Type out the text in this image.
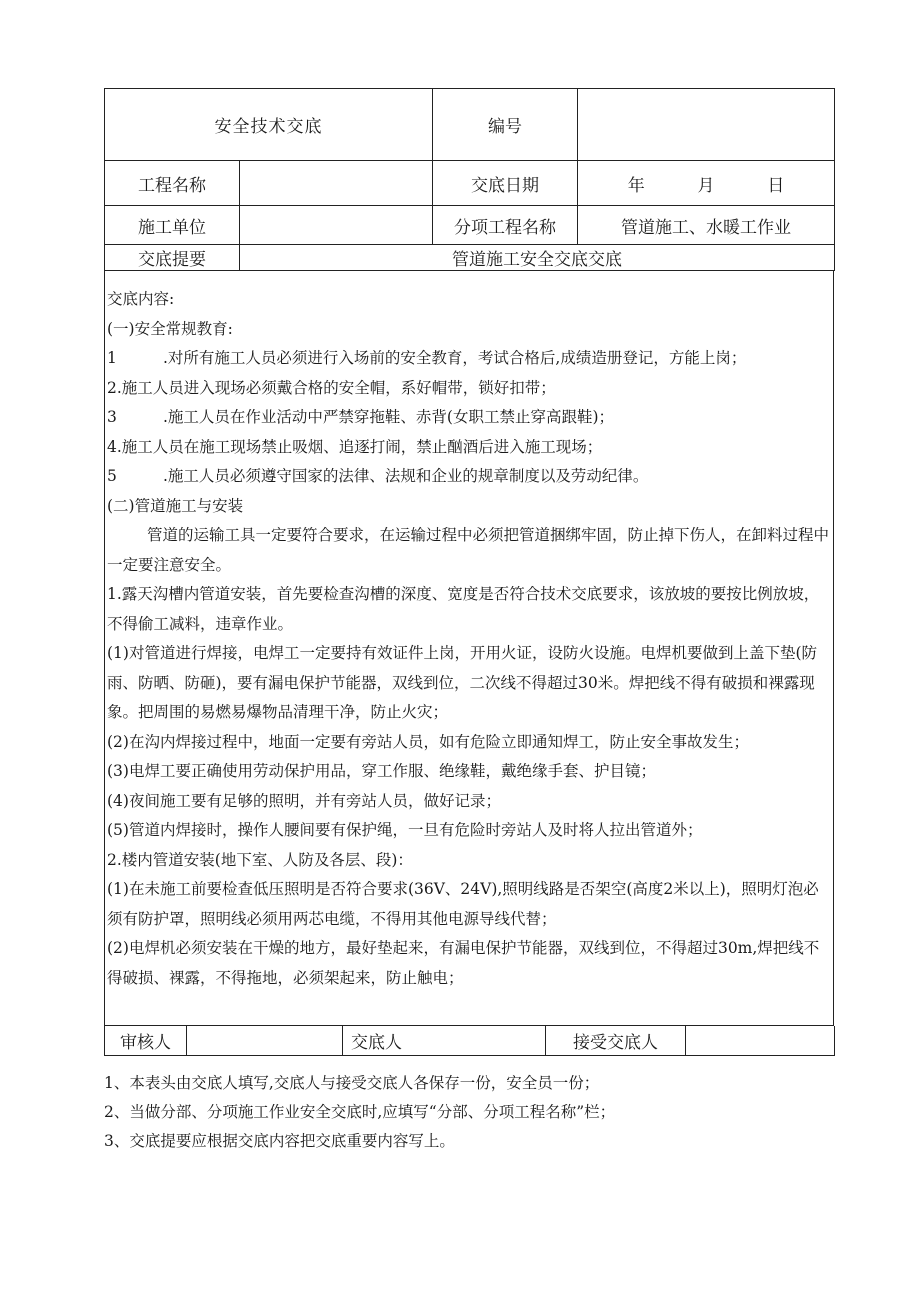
安全技术交底		编号	
工程名称		交底日期	年 月 日
施工单位		分项工程名称	管道施工、水暖工作业
交底提要	管道施工安全交底交底		
交底内容:
(一)安全常规教育:
1	.对所有施工人员必须进行入场前的安全教育，考试合格后,成绩造册登记，方能上岗；
2.施工人员进入现场必须戴合格的安全帽，系好帽带，锁好扣带；
3	.施工人员在作业活动中严禁穿拖鞋、赤背(女职工禁止穿高跟鞋)；
4.施工人员在施工现场禁止吸烟、追逐打闹，禁止酗酒后进入施工现场；
5	.施工人员必须遵守国家的法律、法规和企业的规章制度以及劳动纪律。
(二)管道施工与安装
管道的运输工具一定要符合要求，在运输过程中必须把管道捆绑牢固，防止掉下伤人，在卸料过程中一定要注意安全。
1.露天沟槽内管道安装，首先要检查沟槽的深度、宽度是否符合技术交底要求，该放坡的要按比例放坡，不得偷工减料，违章作业。
(1)对管道进行焊接，电焊工一定要持有效证件上岗，开用火证，设防火设施。电焊机要做到上盖下垫(防雨、防晒、防砸)，要有漏电保护节能器，双线到位，二次线不得超过30米。焊把线不得有破损和裸露现象。把周围的易燃易爆物品清理干净，防止火灾；
(2)在沟内焊接过程中，地面一定要有旁站人员，如有危险立即通知焊工，防止安全事故发生；
(3)电焊工要正确使用劳动保护用品，穿工作服、绝缘鞋，戴绝缘手套、护目镜；
(4)夜间施工要有足够的照明，并有旁站人员，做好记录；
(5)管道内焊接时，操作人腰间要有保护绳，一旦有危险时旁站人及时将人拉出管道外；
2.楼内管道安装(地下室、人防及各层、段)：
(1)在未施工前要检查低压照明是否符合要求(36V、24V),照明线路是否架空(高度2米以上)，照明灯泡必须有防护罩，照明线必须用两芯电缆，不得用其他电源导线代替；
(2)电焊机必须安装在干燥的地方，最好垫起来，有漏电保护节能器，双线到位，不得超过30m,焊把线不得破损、裸露，不得拖地，必须架起来，防止触电；
审核人		交底人	接受交底人	
1、本表头由交底人填写,交底人与接受交底人各保存一份，安全员一份；
2、当做分部、分项施工作业安全交底时,应填写“分部、分项工程名称”栏；
3、交底提要应根据交底内容把交底重要内容写上。
